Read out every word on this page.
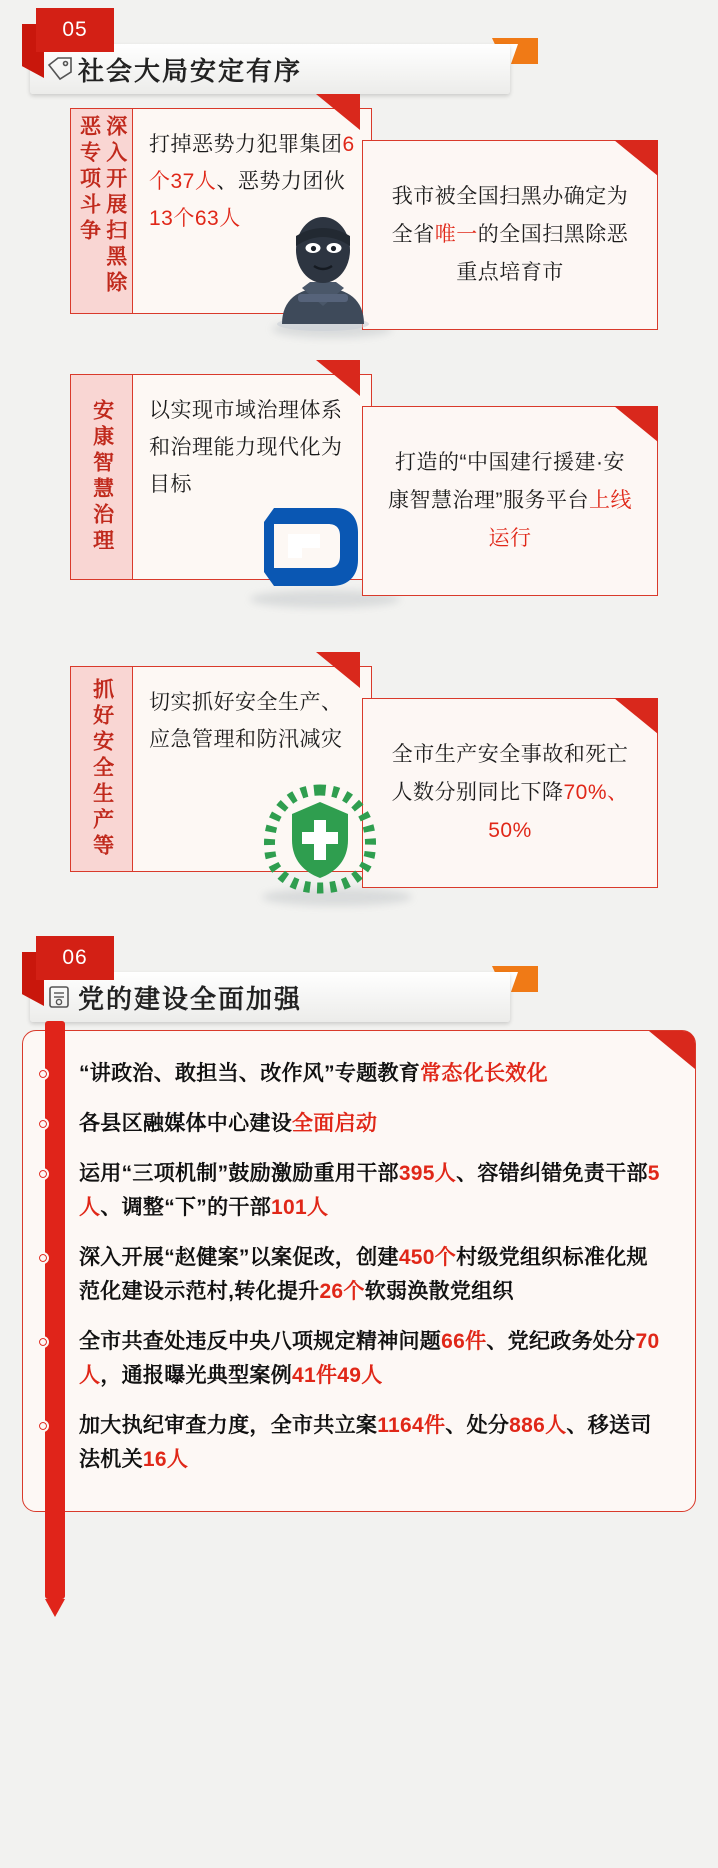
05
社会大局安定有序
深入开展扫黑除恶专项斗争	打掉恶势力犯罪集团6个37人、恶势力团伙13个63人
我市被全国扫黑办确定为全省唯一的全国扫黑除恶重点培育市
安康智慧治理	以实现市域治理体系和治理能力现代化为目标
打造的“中国建行援建·安康智慧治理”服务平台上线运行
抓好安全生产等	切实抓好安全生产、应急管理和防汛减灾
全市生产安全事故和死亡人数分别同比下降70%、50%
06
党的建设全面加强
“讲政治、敢担当、改作风”专题教育常态化长效化
各县区融媒体中心建设全面启动
运用“三项机制”鼓励激励重用干部395人、容错纠错免责干部5人、调整“下”的干部101人
深入开展“赵健案”以案促改，创建450个村级党组织标准化规范化建设示范村,转化提升26个软弱涣散党组织
全市共查处违反中央八项规定精神问题66件、党纪政务处分70人，通报曝光典型案例41件49人
加大执纪审查力度，全市共立案1164件、处分886人、移送司法机关16人
